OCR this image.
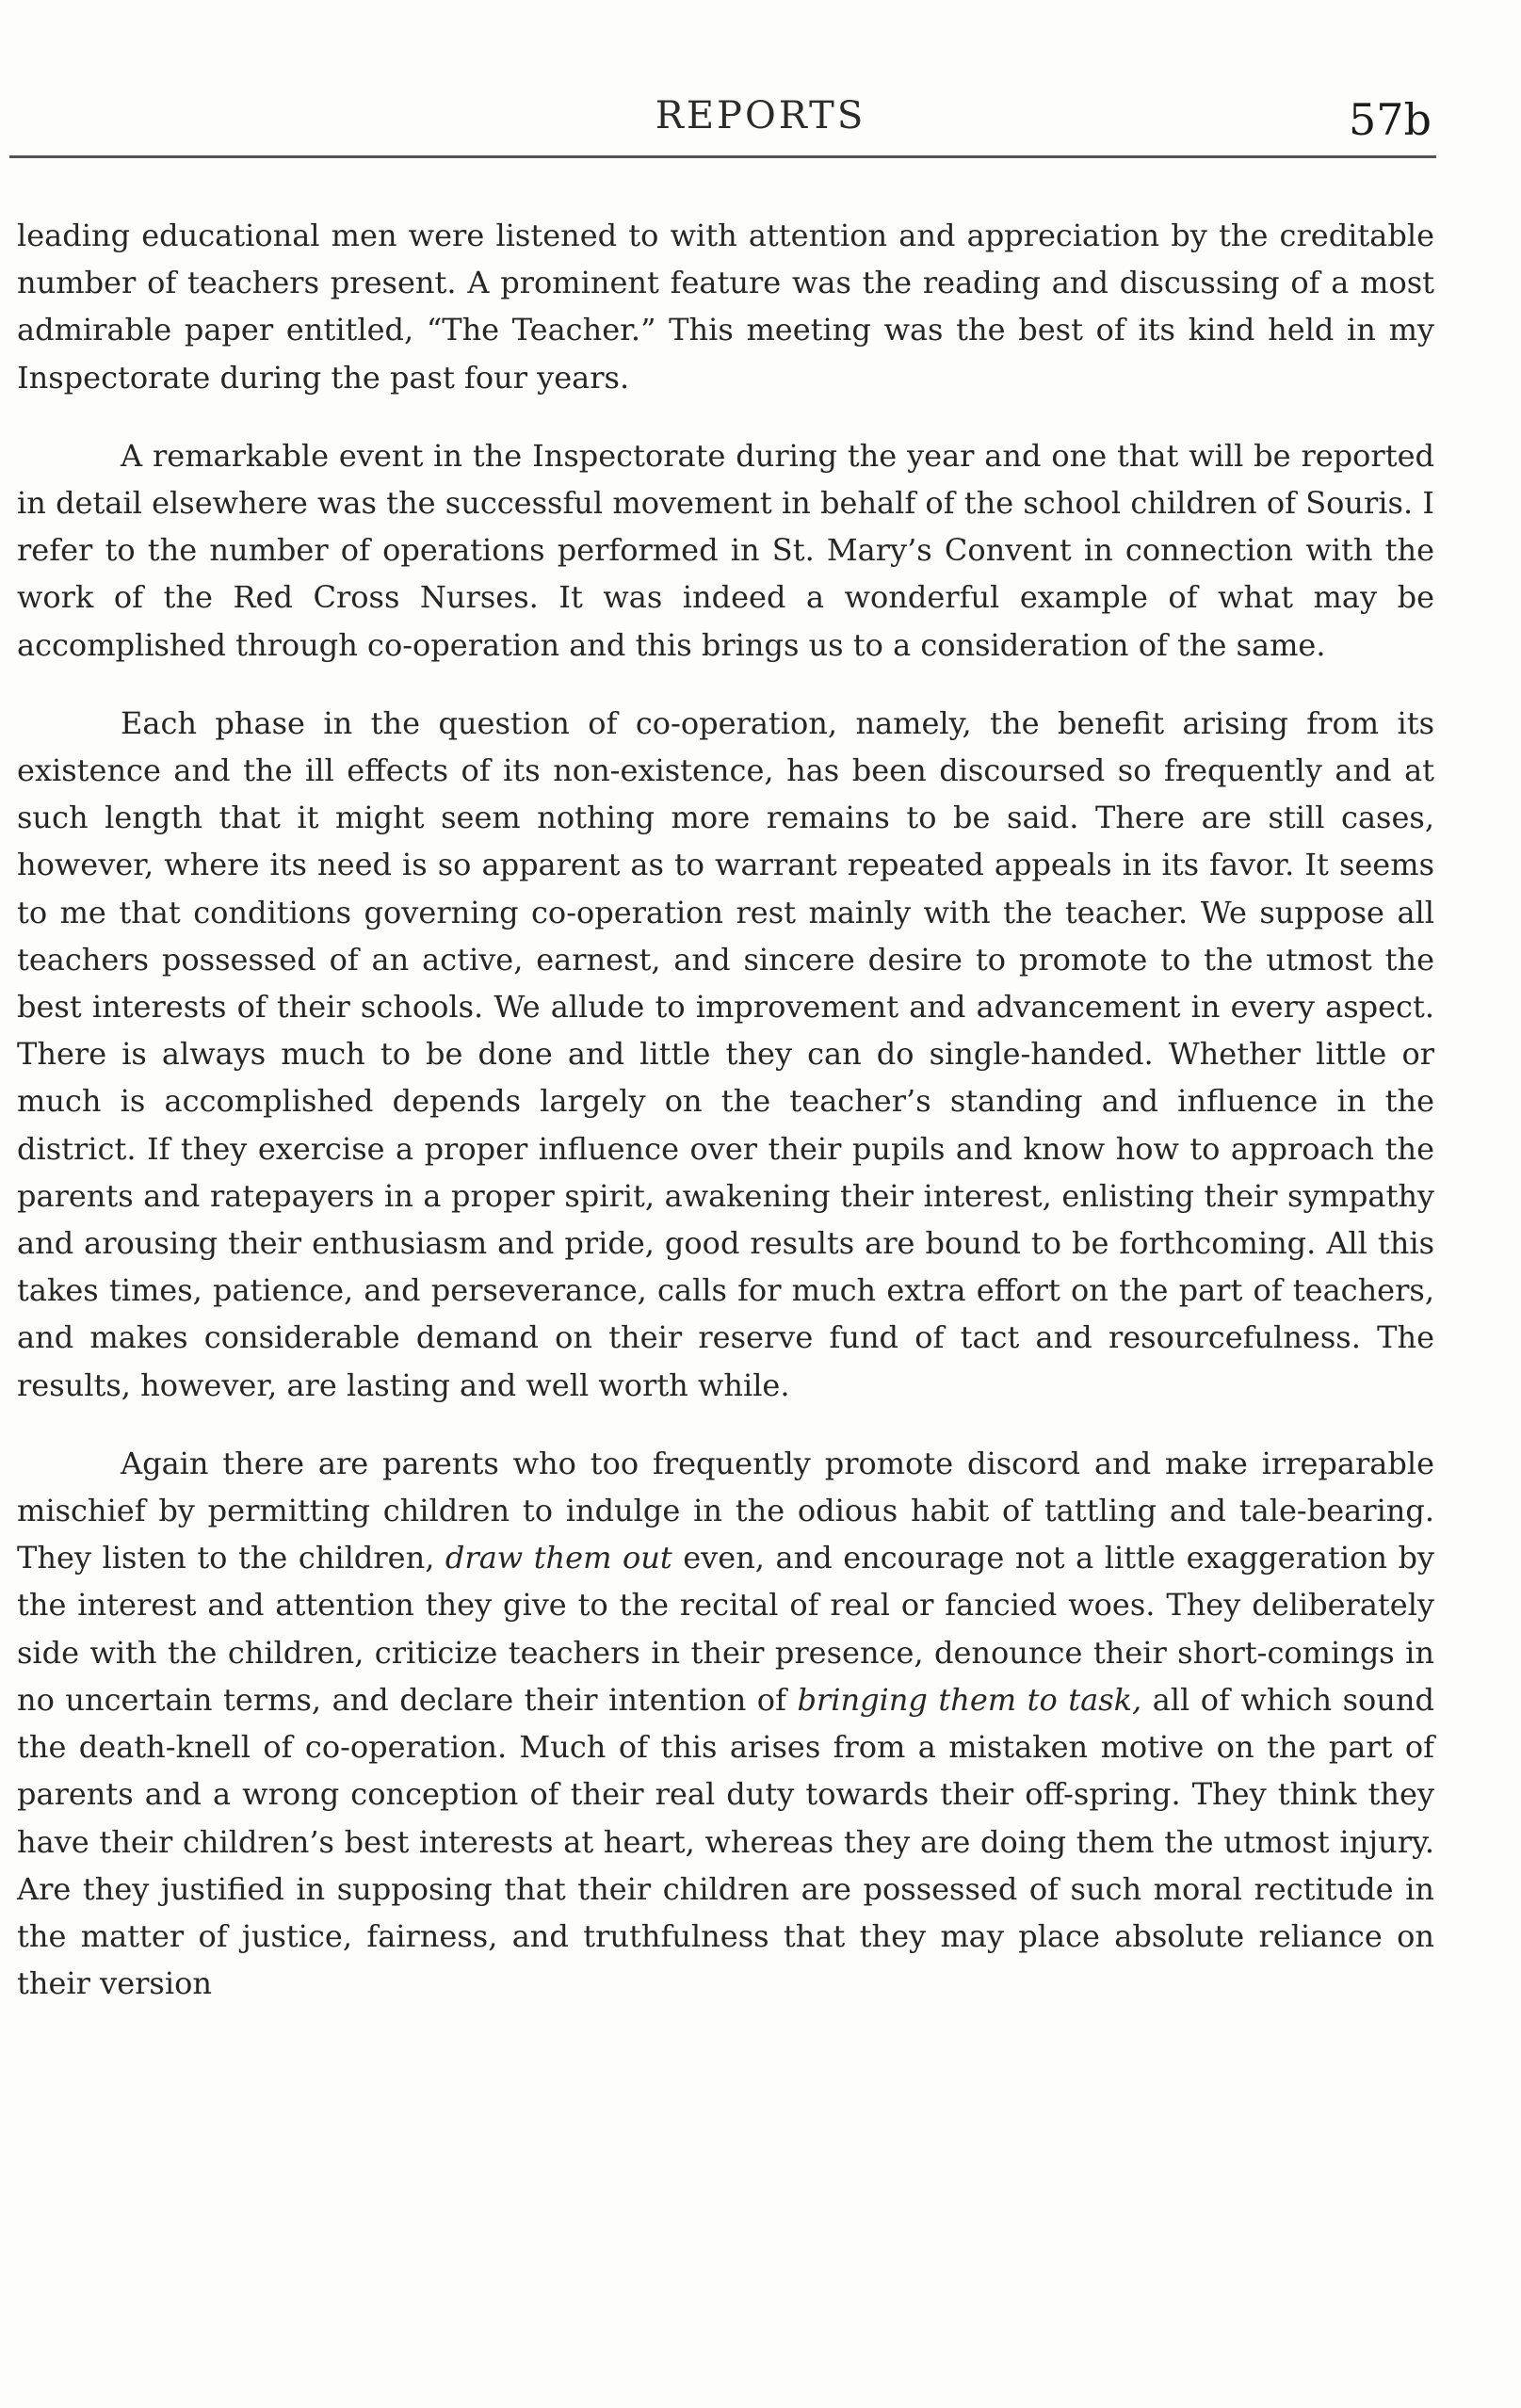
REPORTS	57b

leading educational men were listened to with attention and appreciation by the creditable number of teachers present. A prominent feature was the reading and discussing of a most admirable paper entitled, “The Teacher.” This meeting was the best of its kind held in my Inspectorate during the past four years.

A remarkable event in the Inspectorate during the year and one that will be reported in detail elsewhere was the successful movement in behalf of the school children of Souris. I refer to the number of operations performed in St. Mary’s Convent in connection with the work of the Red Cross Nurses. It was indeed a wonderful example of what may be accomplished through co-operation and this brings us to a consideration of the same.

Each phase in the question of co-operation, namely, the benefit arising from its existence and the ill effects of its non-existence, has been discoursed so frequently and at such length that it might seem nothing more remains to be said. There are still cases, however, where its need is so apparent as to warrant repeated appeals in its favor. It seems to me that conditions governing co-operation rest mainly with the teacher. We suppose all teachers possessed of an active, earnest, and sincere desire to promote to the utmost the best interests of their schools. We allude to improvement and advancement in every aspect. There is always much to be done and little they can do single-handed. Whether little or much is accomplished depends largely on the teacher’s standing and influence in the district. If they exercise a proper influence over their pupils and know how to approach the parents and ratepayers in a proper spirit, awakening their interest, enlisting their sympathy and arousing their enthusiasm and pride, good results are bound to be forthcoming. All this takes times, patience, and perseverance, calls for much extra effort on the part of teachers, and makes considerable demand on their reserve fund of tact and resourcefulness. The results, however, are lasting and well worth while.

Again there are parents who too frequently promote discord and make irreparable mischief by permitting children to indulge in the odious habit of tattling and tale-bearing. They listen to the children, draw them out even, and encourage not a little exaggeration by the interest and attention they give to the recital of real or fancied woes. They deliberately side with the children, criticize teachers in their presence, denounce their short-comings in no uncertain terms, and declare their intention of bringing them to task, all of which sound the death-knell of co-operation. Much of this arises from a mistaken motive on the part of parents and a wrong conception of their real duty towards their off-spring. They think they have their children’s best interests at heart, whereas they are doing them the utmost injury. Are they justified in supposing that their children are possessed of such moral rectitude in the matter of justice, fairness, and truthfulness that they may place absolute reliance on their version
